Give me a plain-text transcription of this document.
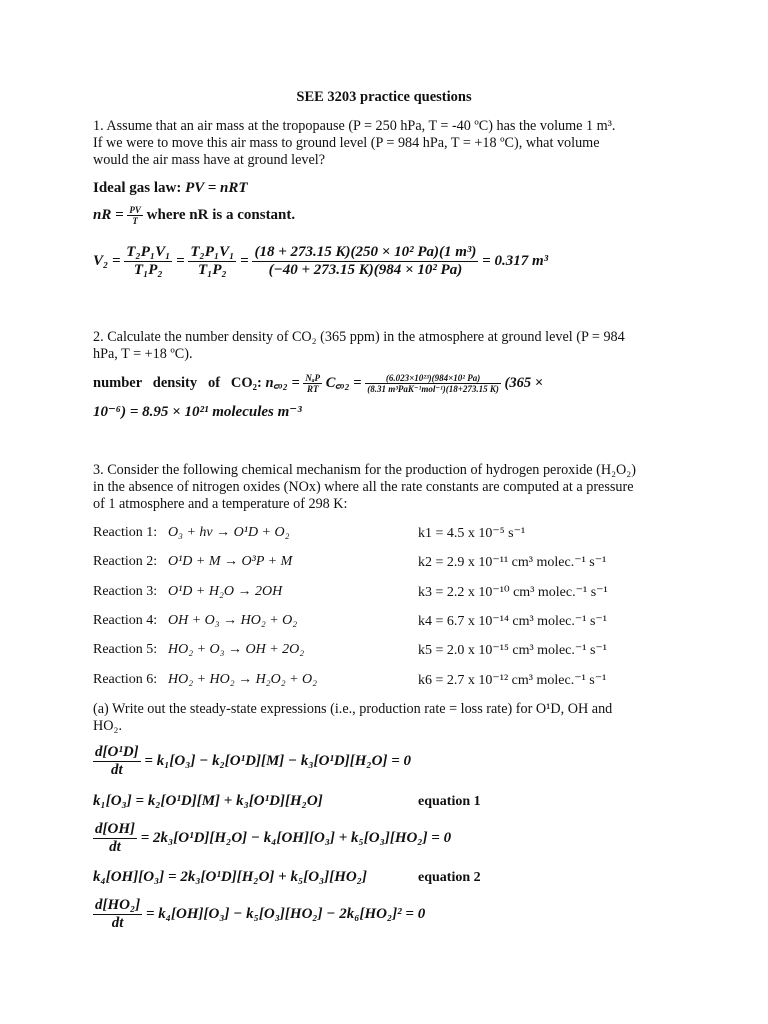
SEE 3203 practice questions
1. Assume that an air mass at the tropopause (P = 250 hPa, T = -40 ºC) has the volume 1 m³.
If we were to move this air mass to ground level (P = 984 hPa, T = +18 ºC), what volume
would the air mass have at ground level?
Ideal gas law: PV = nRT
nR = $\frac{PV}{T}$ where nR is a constant.
$V_2 = \frac{\text{T₂P₁V₁}}{\text{T₁P₂}} = \frac{\text{T₂P₁V₁}}{\text{T₁P₂}} = \frac{\text{(18 + 273.15 K)(250 × 10² Pa)(1 m³)}}{\text{(−40 + 273.15 K)(984 × 10² Pa)}} = 0.317$ m³
2. Calculate the number density of CO₂ (365 ppm) in the atmosphere at ground level (P = 984
hPa, T = +18 ºC).
number   density   of   CO₂: n꜀ₒ₂ = $\frac{\text{NₐP}}{RT}$ C꜀ₒ₂ = $\frac{\text{(6.023×10²³)(984×10² Pa)}}{\text{(8.31 m³PaK⁻¹mol⁻¹)(18+273.15 K)}} (365$ ×
10⁻⁶) = 8.95 × 10²¹ molecules m⁻³
3. Consider the following chemical mechanism for the production of hydrogen peroxide (H₂O₂)
in the absence of nitrogen oxides (NOx) where all the rate constants are computed at a pressure
of 1 atmosphere and a temperature of 298 K:
Reaction 1: O₃ + hν → O¹D + O₂	k1 = 4.5 x 10⁻⁵ s⁻¹
Reaction 2: O¹D + M → O³P + M	k2 = 2.9 x 10⁻¹¹ cm³ molec.⁻¹ s⁻¹
Reaction 3: O¹D + H₂O → 2OH	k3 = 2.2 x 10⁻¹⁰ cm³ molec.⁻¹ s⁻¹
Reaction 4: OH + O₃ → HO₂ + O₂	k4 = 6.7 x 10⁻¹⁴ cm³ molec.⁻¹ s⁻¹
Reaction 5: HO₂ + O₃ → OH + 2O₂	k5 = 2.0 x 10⁻¹⁵ cm³ molec.⁻¹ s⁻¹
Reaction 6: HO₂ + HO₂ → H₂O₂ + O₂	k6 = 2.7 x 10⁻¹² cm³ molec.⁻¹ s⁻¹
(a) Write out the steady-state expressions (i.e., production rate = loss rate) for O¹D, OH and
HO₂.
$\frac{\text{d[O¹D]}}{dt} = k_1[O_3] - k_2[O^1D][M] - k_3[O^1D][H_2O] = 0$
k₁[O₃] = k₂[O¹D][M] + k₃[O¹D][H₂O]	equation 1
$\frac{d[OH]}{dt} = 2k_3[O^1D][H_2O] - k_4[OH][O_3] + k_5[O_3][HO_2] = 0$
k₄[OH][O₃] = 2k₃[O¹D][H₂O] + k₅[O₃][HO₂]	equation 2
$\frac{\text{d[HO₂]}}{dt} = k_4[OH][O_3] - k_5[O_3][HO_2] - 2k_6[HO_2]^2 = 0$
